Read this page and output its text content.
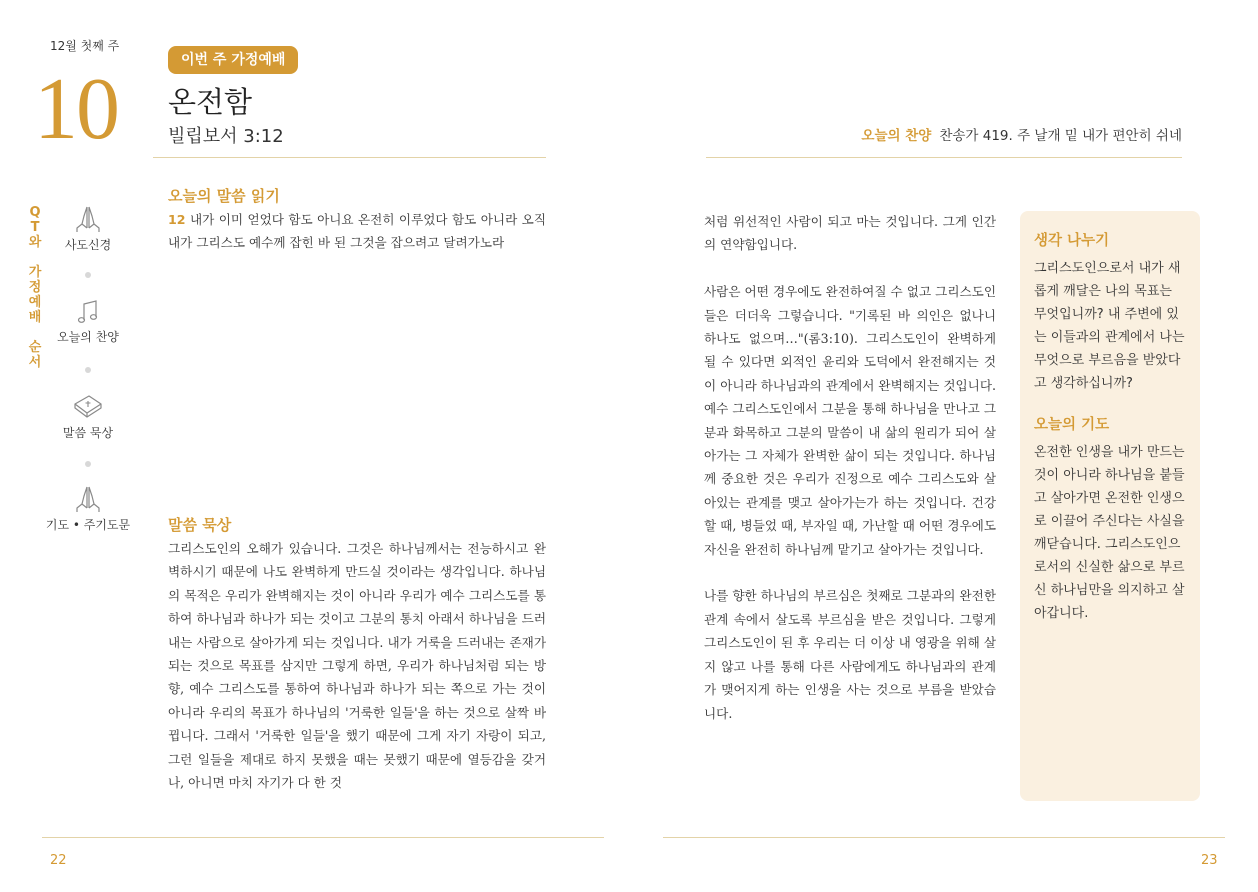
12월 첫째 주
10
이번 주 가정예배
온전함
빌립보서 3:12
Q
T
와
가
정
예
배
순
서
사도신경
오늘의 찬양
말씀 묵상
기도 • 주기도문
오늘의 말씀 읽기
12 내가 이미 얻었다 함도 아니요 온전히 이루었다 함도 아니라 오직 내가 그리스도 예수께 잡힌 바 된 그것을 잡으려고 달려가노라
말씀 묵상
그리스도인의 오해가 있습니다. 그것은 하나님께서는 전능하시고 완벽하시기 때문에 나도 완벽하게 만드실 것이라는 생각입니다. 하나님의 목적은 우리가 완벽해지는 것이 아니라 우리가 예수 그리스도를 통하여 하나님과 하나가 되는 것이고 그분의 통치 아래서 하나님을 드러내는 사람으로 살아가게 되는 것입니다. 내가 거룩을 드러내는 존재가 되는 것으로 목표를 삼지만 그렇게 하면, 우리가 하나님처럼 되는 방향, 예수 그리스도를 통하여 하나님과 하나가 되는 쪽으로 가는 것이 아니라 우리의 목표가 하나님의 '거룩한 일들'을 하는 것으로 살짝 바뀝니다. 그래서 '거룩한 일들'을 했기 때문에 그게 자기 자랑이 되고, 그런 일들을 제대로 하지 못했을 때는 못했기 때문에 열등감을 갖거나, 아니면 마치 자기가 다 한 것
22
오늘의 찬양 찬송가 419. 주 날개 밑 내가 편안히 쉬네

처럼 위선적인 사람이 되고 마는 것입니다. 그게 인간의 연약함입니다.

사람은 어떤 경우에도 완전하여질 수 없고 그리스도인들은 더더욱 그렇습니다. "기록된 바 의인은 없나니 하나도 없으며…"(롬3:10). 그리스도인이 완벽하게 될 수 있다면 외적인 윤리와 도덕에서 완전해지는 것이 아니라 하나님과의 관계에서 완벽해지는 것입니다. 예수 그리스도인에서 그분을 통해 하나님을 만나고 그분과 화목하고 그분의 말씀이 내 삶의 원리가 되어 살아가는 그 자체가 완벽한 삶이 되는 것입니다. 하나님께 중요한 것은 우리가 진정으로 예수 그리스도와 살아있는 관계를 맺고 살아가는가 하는 것입니다. 건강할 때, 병들었 때, 부자일 때, 가난할 때 어떤 경우에도 자신을 완전히 하나님께 맡기고 살아가는 것입니다.

나를 향한 하나님의 부르심은 첫째로 그분과의 완전한 관계 속에서 살도록 부르심을 받은 것입니다. 그렇게 그리스도인이 된 후 우리는 더 이상 내 영광을 위해 살지 않고 나를 통해 다른 사람에게도 하나님과의 관계가 맺어지게 하는 인생을 사는 것으로 부름을 받았습니다.

생각 나누기
그리스도인으로서 내가 새롭게 깨달은 나의 목표는 무엇입니까? 내 주변에 있는 이들과의 관계에서 나는 무엇으로 부르음을 받았다고 생각하십니까?
오늘의 기도
온전한 인생을 내가 만드는 것이 아니라 하나님을 붙들고 살아가면 온전한 인생으로 이끌어 주신다는 사실을 깨닫습니다. 그리스도인으로서의 신실한 삶으로 부르신 하나님만을 의지하고 살아갑니다.
23
